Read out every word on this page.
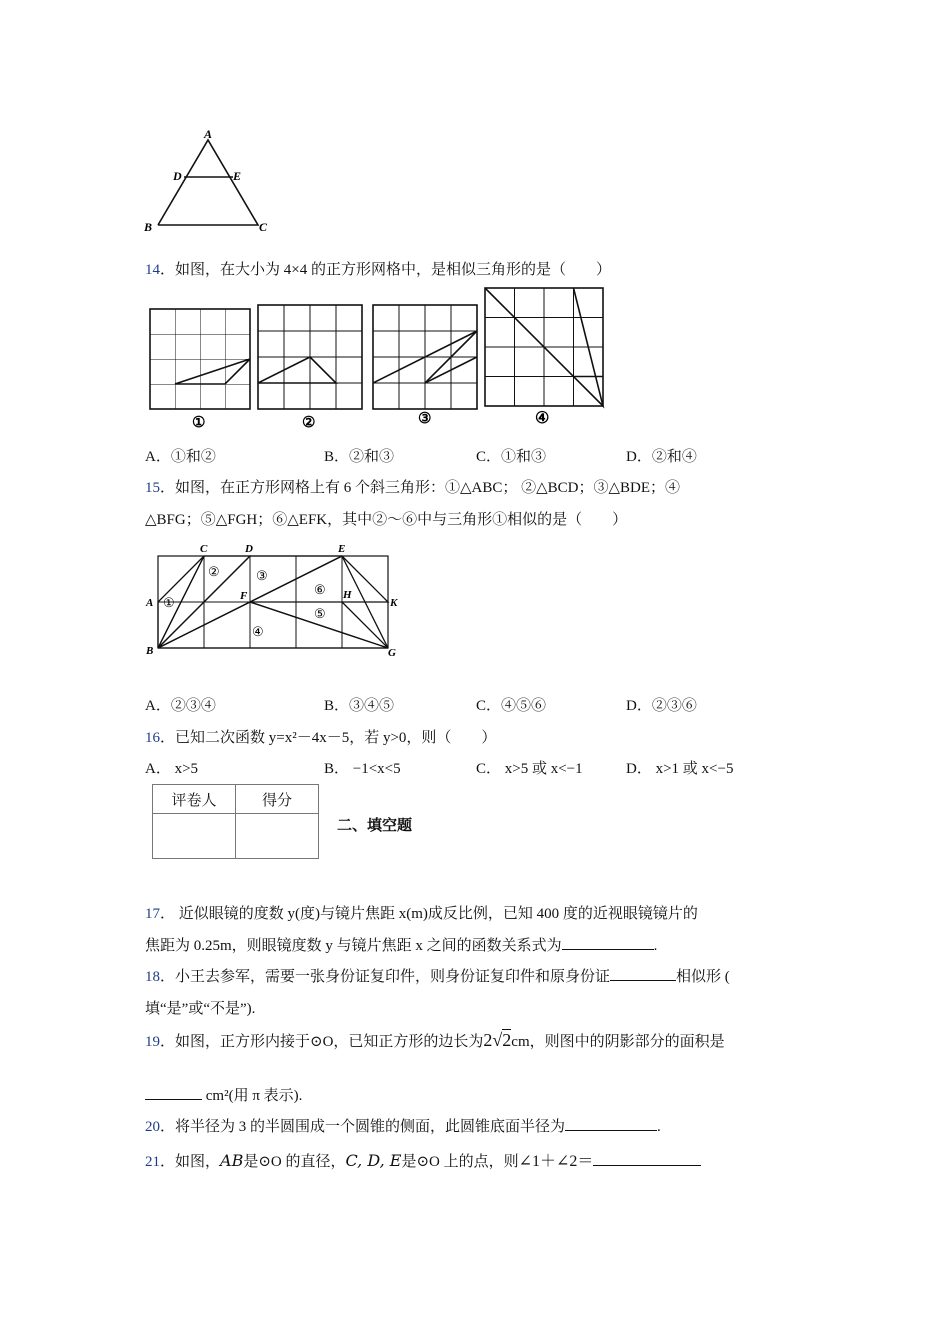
A
D	E
B	C
14．如图，在大小为 4×4 的正方形网格中，是相似三角形的是（　　）
①	②	③	④
A．①和②	B．②和③	C．①和③	D．②和④
15．如图，在正方形网格上有 6 个斜三角形：①△ABC； ②△BCD；③△BDE；④
△BFG；⑤△FGH；⑥△EFK，其中②～⑥中与三角形①相似的是（　　）
A
B
C	D	E
F	H
K
G
①
②	③
④
⑤
⑥
A．②③④	B．③④⑤	C．④⑤⑥	D．②③⑥
16．已知二次函数 y=x²－4x－5，若 y>0，则（　　）
A． x>5	B． −1<x<5	C． x>5 或 x<−1	D． x>1 或 x<−5
评卷人	得分

二、填空题
17． 近似眼镜的度数 y(度)与镜片焦距 x(m)成反比例，已知 400 度的近视眼镜镜片的
焦距为 0.25m，则眼镜度数 y 与镜片焦距 x 之间的函数关系式为	.
18．小王去参军，需要一张身份证复印件，则身份证复印件和原身份证	相似形 (
填“是”或“不是”).
19．如图，正方形内接于⊙O，已知正方形的边长为2√2cm，则图中的阴影部分的面积是
cm²(用 π 表示).
20．将半径为 3 的半圆围成一个圆锥的侧面，此圆锥底面半径为	.
21．如图，AB是⊙O 的直径，C, D, E是⊙O 上的点，则∠1＋∠2＝
